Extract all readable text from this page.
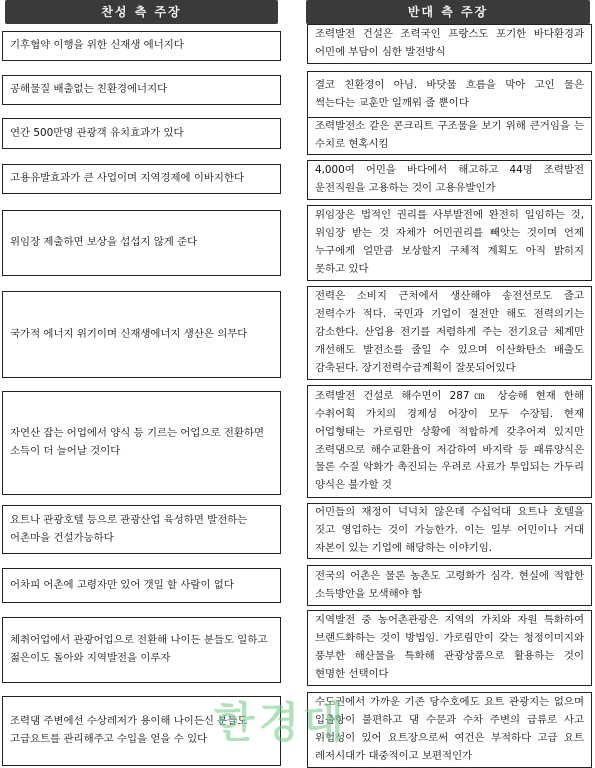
찬성 측 주장	반대 측 주장
기후협약 이행을 위한 신재생 에너지다
조력발전 건설은 조력국인 프랑스도 포기한 바다환경과 어민에 부담이 심한 발전방식
공해물질 배출없는 친환경에너지다	결코 친환경이 아님. 바닷물 흐름을 막아 고인 물은 썩는다는 교훈만 일깨워 줄 뿐이다
연간 500만명 관광객 유치효과가 있다
조력발전소 같은 콘크리트 구조물을 보기 위해 큰거임을 는 수치로 현혹시킴
고용유발효과가 큰 사업이며 지역경제에 이바지한다
4,000여 어민을 바다에서 해고하고 44명 조력발전 운전직원을 고용하는 것이 고용유발인가
위임장 제출하면 보상을 섭섭지 않게 준다
위임장은 법적인 권리를 사부발전에 완전히 일임하는 것, 위임장 받는 것 자체가 어민권리를 빼앗는 것이며 언제 누구에게 얼만큼 보상할지 구체적 계획도 아직 밝히지 못하고 있다
국가적 에너지 위기이며 신재생에너지 생산은 의무다
전력은 소비지 근처에서 생산해야 송전선로도 줄고 전력수가 적다. 국민과 기업이 절전만 해도 전력의기는 감소한다. 산업용 전기를 저렴하게 주는 전기요금 체계만 개선해도 발전소를 줄일 수 있으며 이산화탄소 배출도 감축된다. 장기전력수급계획이 잘못되어있다
자연산 잡는 어업에서 양식 등 기르는 어업으로 전환하면 소득이 더 늘어날 것이다
조력발전 건설로 해수면이 287㎝ 상승해 현재 한해 수취어획 가치의 경제성 어장이 모두 수장됨. 현재 어업형태는 가로림만 상황에 적합하게 갖추어져 있지만 조력댐으로 해수교환율이 저감하여 바지락 등 패류양식은 물론 수질 악화가 촉진되는 우려로 사료가 투입되는 가두리 양식은 불가할 것
요트나 관광호텔 등으로 관광산업 육성하면 발전하는 어촌마을 건설가능하다
어민들의 재정이 넉넉치 않은데 수십억대 요트나 호텔을 짓고 영업하는 것이 가능한가. 이는 일부 어민이나 거대 자본이 있는 기업에 해당하는 이야기임.
어차피 어촌에 고령자만 있어 갯일 할 사람이 없다
전국의 어촌은 물론 농촌도 고령화가 심각. 현실에 적합한 소득방안을 모색해야 함
체취어업에서 관광어업으로 전환해 나이든 분들도 일하고 젊은이도 돌아와 지역발전을 이루자
지역발전 중 농어촌관광은 지역의 가치와 자원 특화하여 브랜드화하는 것이 방법임. 가로림만이 갖는 청정이미지와 풍부한 해산물을 특화해 관광상품으로 활용하는 것이 현명한 선택이다
조력댐 주변에선 수상레저가 용이해 나이든신 분들도 고급요트를 관리해주고 수입을 얻을 수 있다
수도권에서 가까운 기존 당수호에도 요트 관광지는 없으며 입출항이 불편하고 댐 수문과 수차 주변의 급류로 사고 위험성이 있어 요트장으로써 여건은 부적하다 고급 요트 레저시대가 대중적이고 보편적인가
한경대
